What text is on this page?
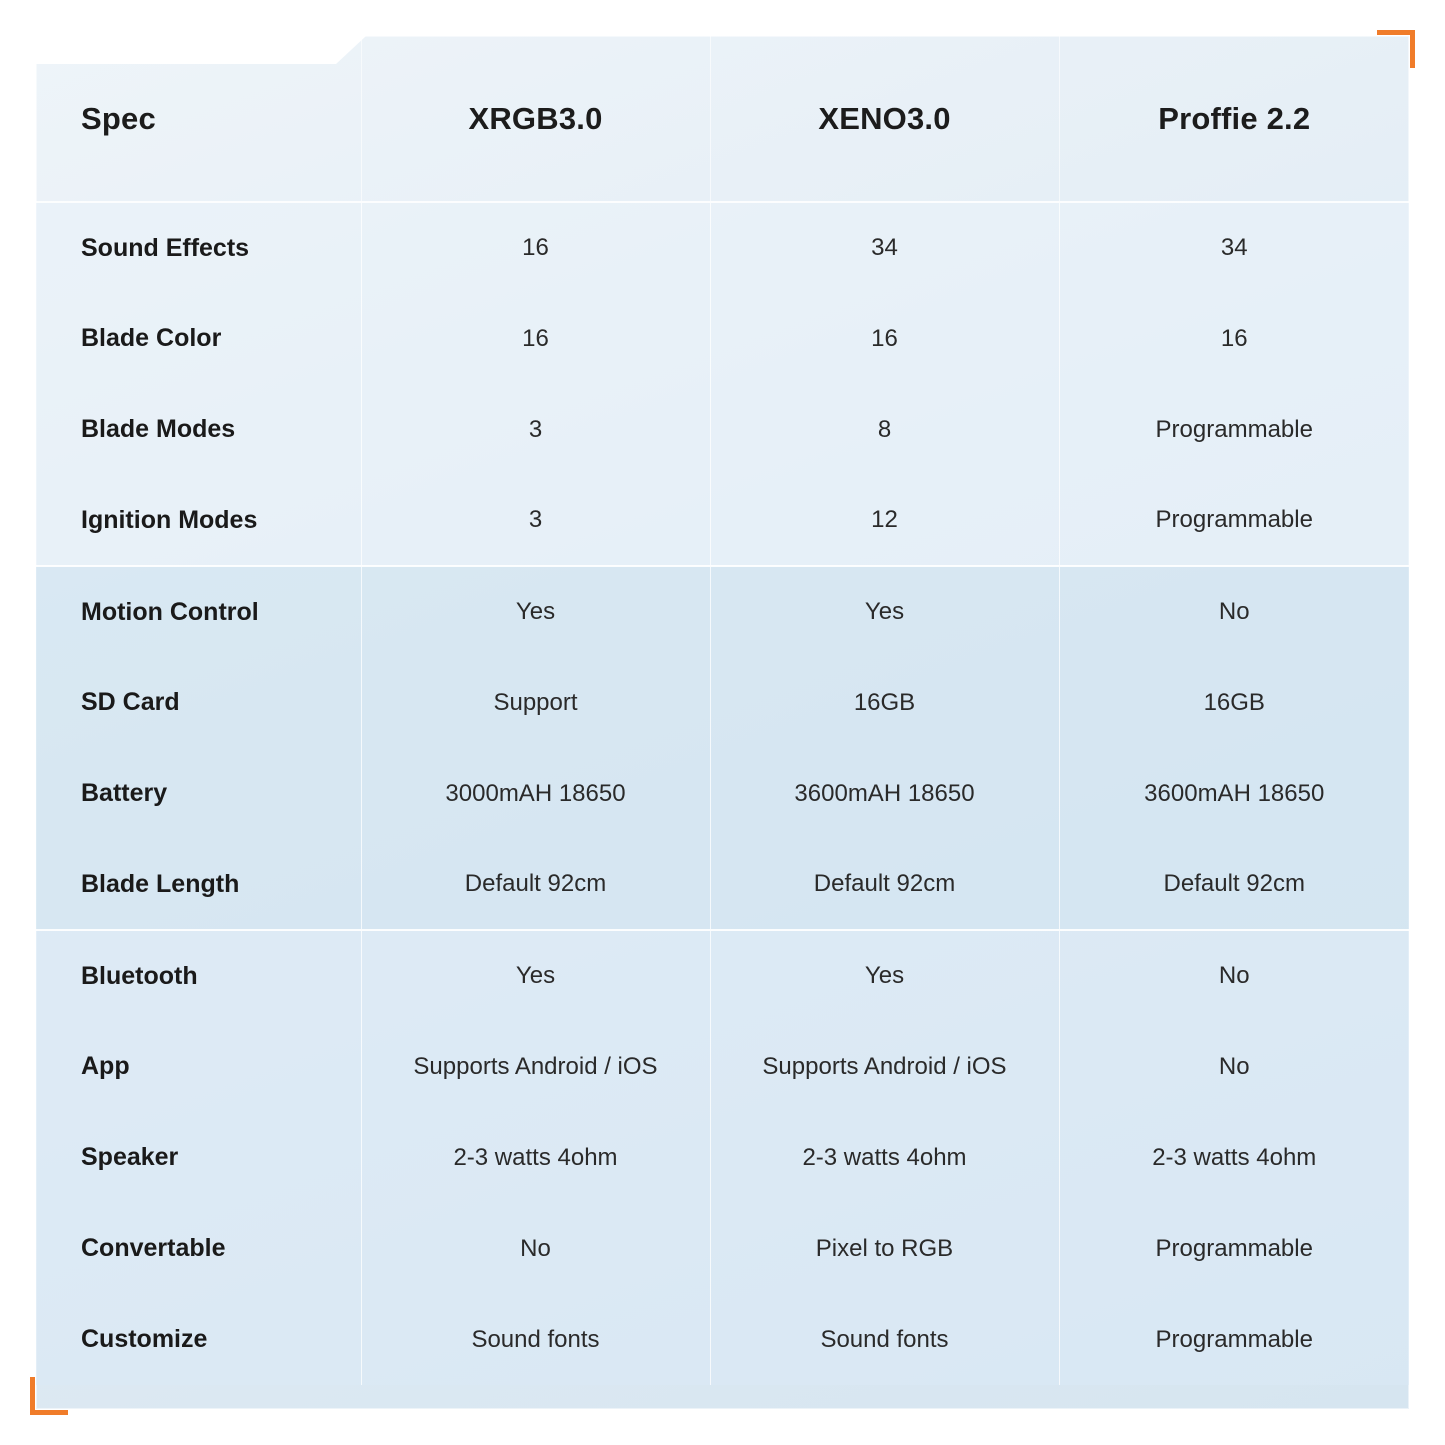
Spec	XRGB3.0	XENO3.0	Proffie 2.2
Sound Effects	16	34	34
Blade Color	16	16	16
Blade Modes	3	8	Programmable
Ignition Modes	3	12	Programmable
Motion Control	Yes	Yes	No
SD Card	Support	16GB	16GB
Battery	3000mAH 18650	3600mAH 18650	3600mAH 18650
Blade Length	Default 92cm	Default 92cm	Default 92cm
Bluetooth	Yes	Yes	No
App	Supports Android / iOS	Supports Android / iOS	No
Speaker	2-3 watts 4ohm	2-3 watts 4ohm	2-3 watts 4ohm
Convertable	No	Pixel to RGB	Programmable
Customize	Sound fonts	Sound fonts	Programmable
